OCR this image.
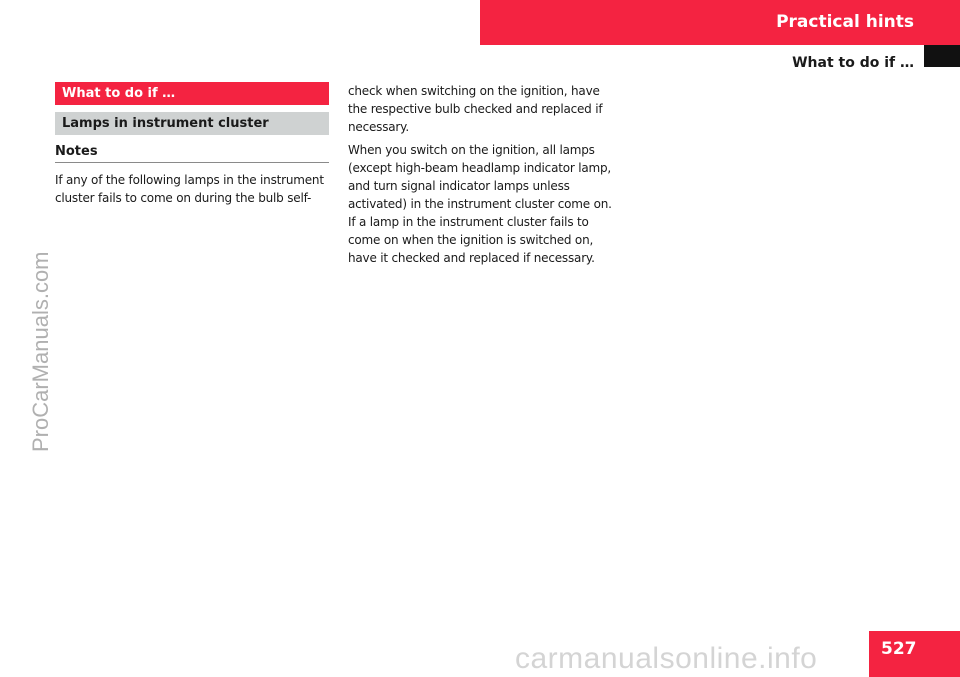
Practical hints
What to do if …
ProCarManuals.com
What to do if …
Lamps in instrument cluster
Notes
If any of the following lamps in the instrument
cluster fails to come on during the bulb self-

check when switching on the ignition, have
the respective bulb checked and replaced if
necessary.

When you switch on the ignition, all lamps
(except high-beam headlamp indicator lamp,
and turn signal indicator lamps unless
activated) in the instrument cluster come on.
If a lamp in the instrument cluster fails to
come on when the ignition is switched on,
have it checked and replaced if necessary.

527
carmanualsonline.info
